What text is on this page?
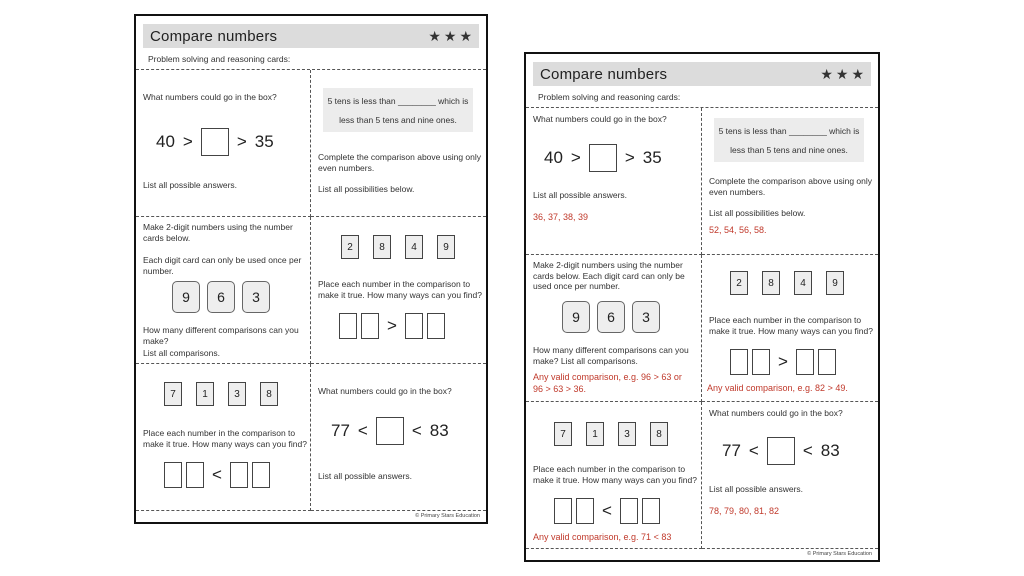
Compare numbers	★ ★ ★
Problem solving and reasoning cards:
What numbers could go in the box?
40 >	> 35
List all possible answers.
5 tens is less than ________ which is
less than 5 tens and nine ones.
Complete the comparison above using only even numbers.
List all possibilities below.
Make 2-digit numbers using the number cards below.
Each digit card can only be used once per number.
9	6	3
How many different comparisons can you make?
List all comparisons.
2	8	4	9
Place each number in the comparison to make it true. How many ways can you find?
>
7	1	3	8
Place each number in the comparison to make it true. How many ways can you find?
<
What numbers could go in the box?
77 <	< 83
List all possible answers.
© Primary Stars Education
Compare numbers	★ ★ ★
Problem solving and reasoning cards:
What numbers could go in the box?
40 >	> 35
List all possible answers.
36, 37, 38, 39
5 tens is less than ________ which is
less than 5 tens and nine ones.
Complete the comparison above using only even numbers.
List all possibilities below.
52, 54, 56, 58.
Make 2-digit numbers using the number cards below. Each digit card can only be used once per number.
9	6	3
How many different comparisons can you make? List all comparisons.
Any valid comparison, e.g. 96 > 63 or 96 > 63 > 36.
2	8	4	9
Place each number in the comparison to make it true. How many ways can you find?
>
Any valid comparison, e.g. 82 > 49.
7	1	3	8
Place each number in the comparison to make it true. How many ways can you find?
<
Any valid comparison, e.g. 71 < 83
What numbers could go in the box?
77 <	< 83
List all possible answers.
78, 79, 80, 81, 82
© Primary Stars Education
